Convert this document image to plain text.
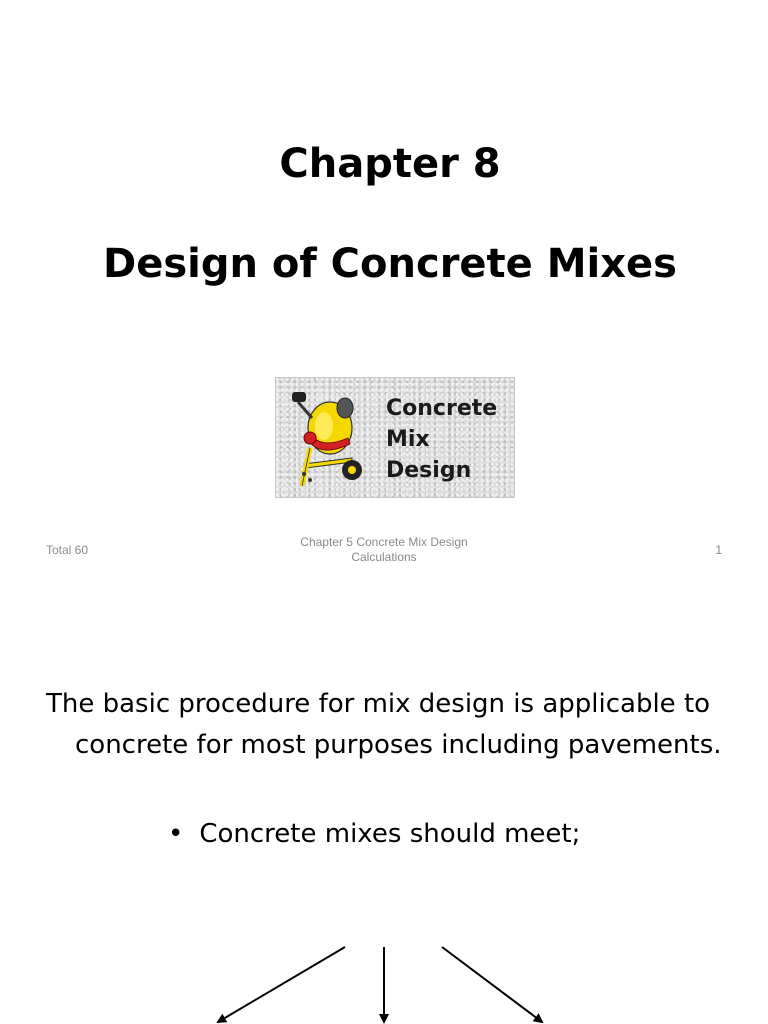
Chapter 8
Design of Concrete Mixes
Concrete
Mix
Design
Total 60
Chapter 5 Concrete Mix Design Calculations	1
The basic procedure for mix design is applicable to concrete for most purposes including pavements.
• Concrete mixes should meet;
